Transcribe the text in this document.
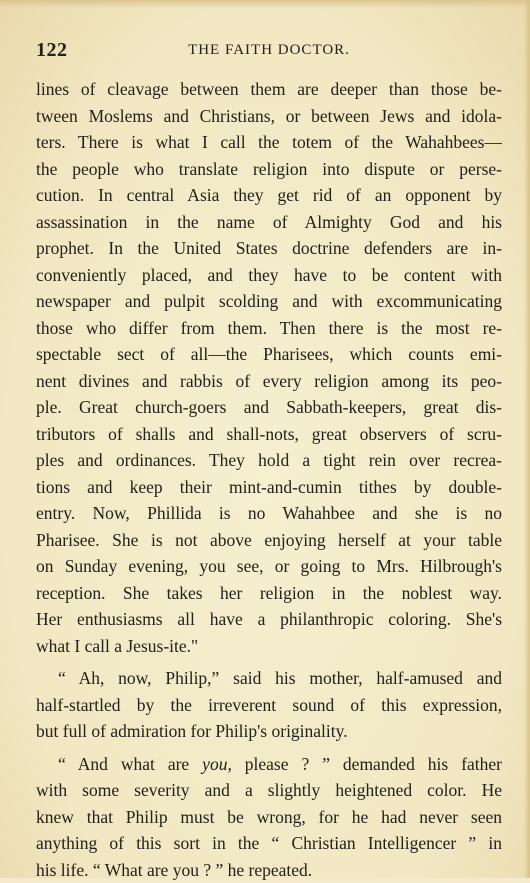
122	THE FAITH DOCTOR.
lines of cleavage between them are deeper than those be-
tween Moslems and Christians, or between Jews and idola-
ters. There is what I call the totem of the Wahahbees—
the people who translate religion into dispute or perse-
cution. In central Asia they get rid of an opponent by
assassination in the name of Almighty God and his
prophet. In the United States doctrine defenders are in-
conveniently placed, and they have to be content with
newspaper and pulpit scolding and with excommunicating
those who differ from them. Then there is the most re-
spectable sect of all—the Pharisees, which counts emi-
nent divines and rabbis of every religion among its peo-
ple. Great church-goers and Sabbath-keepers, great dis-
tributors of shalls and shall-nots, great observers of scru-
ples and ordinances. They hold a tight rein over recrea-
tions and keep their mint-and-cumin tithes by double-
entry. Now, Phillida is no Wahahbee and she is no
Pharisee. She is not above enjoying herself at your table
on Sunday evening, you see, or going to Mrs. Hilbrough's
reception. She takes her religion in the noblest way.
Her enthusiasms all have a philanthropic coloring. She's
what I call a Jesus-ite."
“ Ah, now, Philip,” said his mother, half-amused and
half-startled by the irreverent sound of this expression,
but full of admiration for Philip's originality.
“ And what are you, please ? ” demanded his father
with some severity and a slightly heightened color. He
knew that Philip must be wrong, for he had never seen
anything of this sort in the “ Christian Intelligencer ” in
his life. “ What are you ? ” he repeated.
